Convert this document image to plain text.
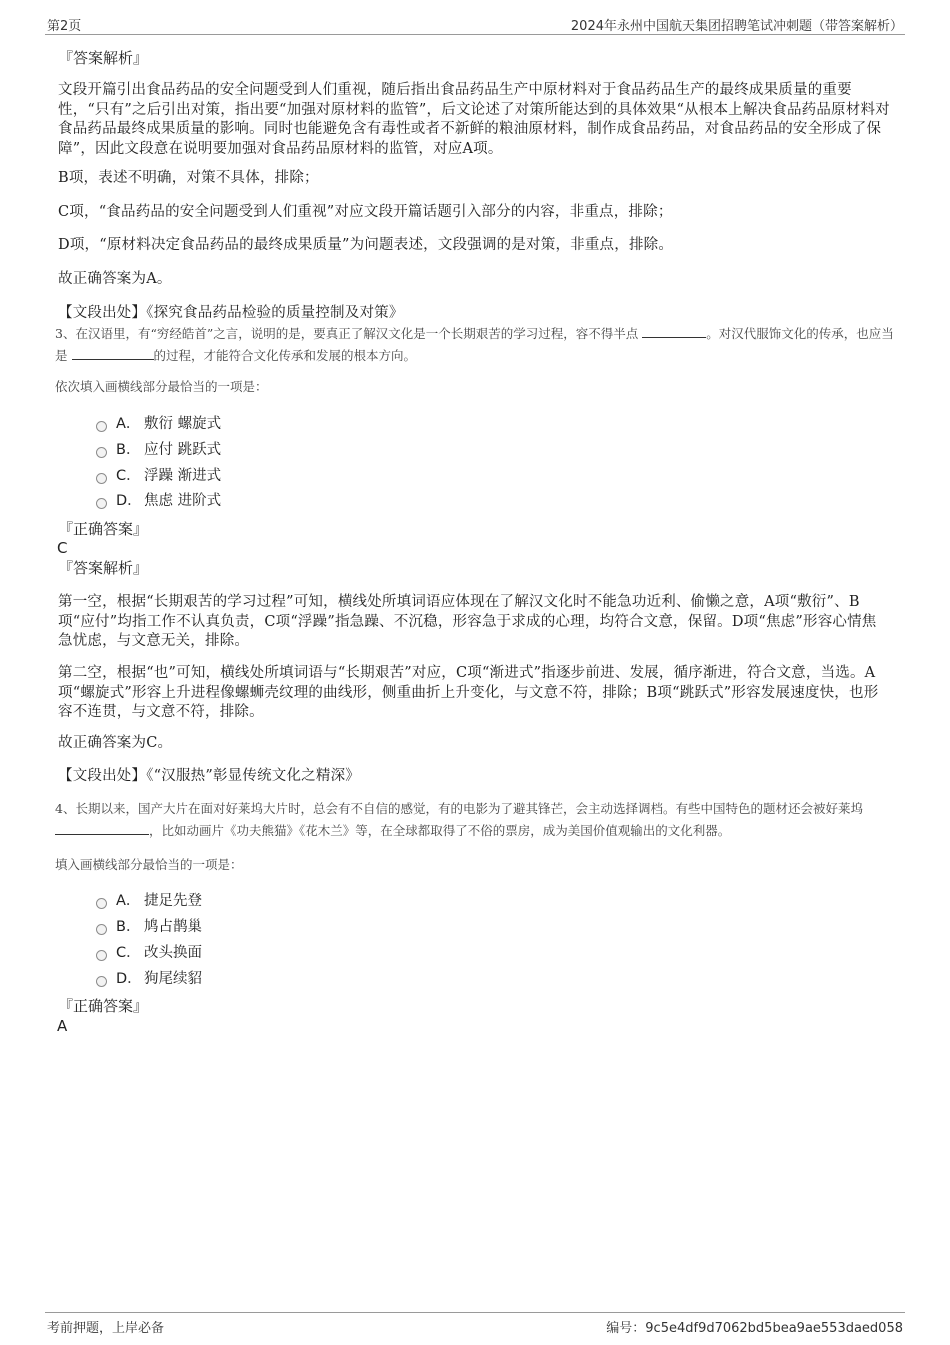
第2页	2024年永州中国航天集团招聘笔试冲刺题（带答案解析）
『答案解析』
文段开篇引出食品药品的安全问题受到人们重视，随后指出食品药品生产中原材料对于食品药品生产的最终成果质量的重要性，“只有”之后引出对策，指出要“加强对原材料的监管”，后文论述了对策所能达到的具体效果“从根本上解决食品药品原材料对食品药品最终成果质量的影响。同时也能避免含有毒性或者不新鲜的粮油原材料，制作成食品药品，对食品药品的安全形成了保障”，因此文段意在说明要加强对食品药品原材料的监管，对应A项。
B项，表述不明确，对策不具体，排除；
C项，“食品药品的安全问题受到人们重视”对应文段开篇话题引入部分的内容，非重点，排除；
D项，“原材料决定食品药品的最终成果质量”为问题表述，文段强调的是对策，非重点，排除。
故正确答案为A。
【文段出处】《探究食品药品检验的质量控制及对策》
3、在汉语里，有“穷经皓首”之言，说明的是，要真正了解汉文化是一个长期艰苦的学习过程，容不得半点	。对汉代服饰文化的传承，也应当是	的过程，才能符合文化传承和发展的根本方向。
依次填入画横线部分最恰当的一项是：
A． 敷衍 螺旋式
B． 应付 跳跃式
C． 浮躁 渐进式
D． 焦虑 进阶式
『正确答案』
C
『答案解析』
第一空，根据“长期艰苦的学习过程”可知，横线处所填词语应体现在了解汉文化时不能急功近利、偷懒之意，A项“敷衍”、B项“应付”均指工作不认真负责，C项“浮躁”指急躁、不沉稳，形容急于求成的心理，均符合文意，保留。D项“焦虑”形容心情焦急忧虑，与文意无关，排除。
第二空，根据“也”可知，横线处所填词语与“长期艰苦”对应，C项“渐进式”指逐步前进、发展，循序渐进，符合文意，当选。A项“螺旋式”形容上升进程像螺蛳壳纹理的曲线形，侧重曲折上升变化，与文意不符，排除；B项“跳跃式”形容发展速度快，也形容不连贯，与文意不符，排除。
故正确答案为C。
【文段出处】《“汉服热”彰显传统文化之精深》
4、长期以来，国产大片在面对好莱坞大片时，总会有不自信的感觉，有的电影为了避其锋芒，会主动选择调档。有些中国特色的题材还会被好莱坞 ，比如动画片《功夫熊猫》《花木兰》等，在全球都取得了不俗的票房，成为美国价值观输出的文化利器。
填入画横线部分最恰当的一项是：
A． 捷足先登
B． 鸠占鹊巢
C． 改头换面
D． 狗尾续貂
『正确答案』
A
考前押题，上岸必备	编号：9c5e4df9d7062bd5bea9ae553daed058
